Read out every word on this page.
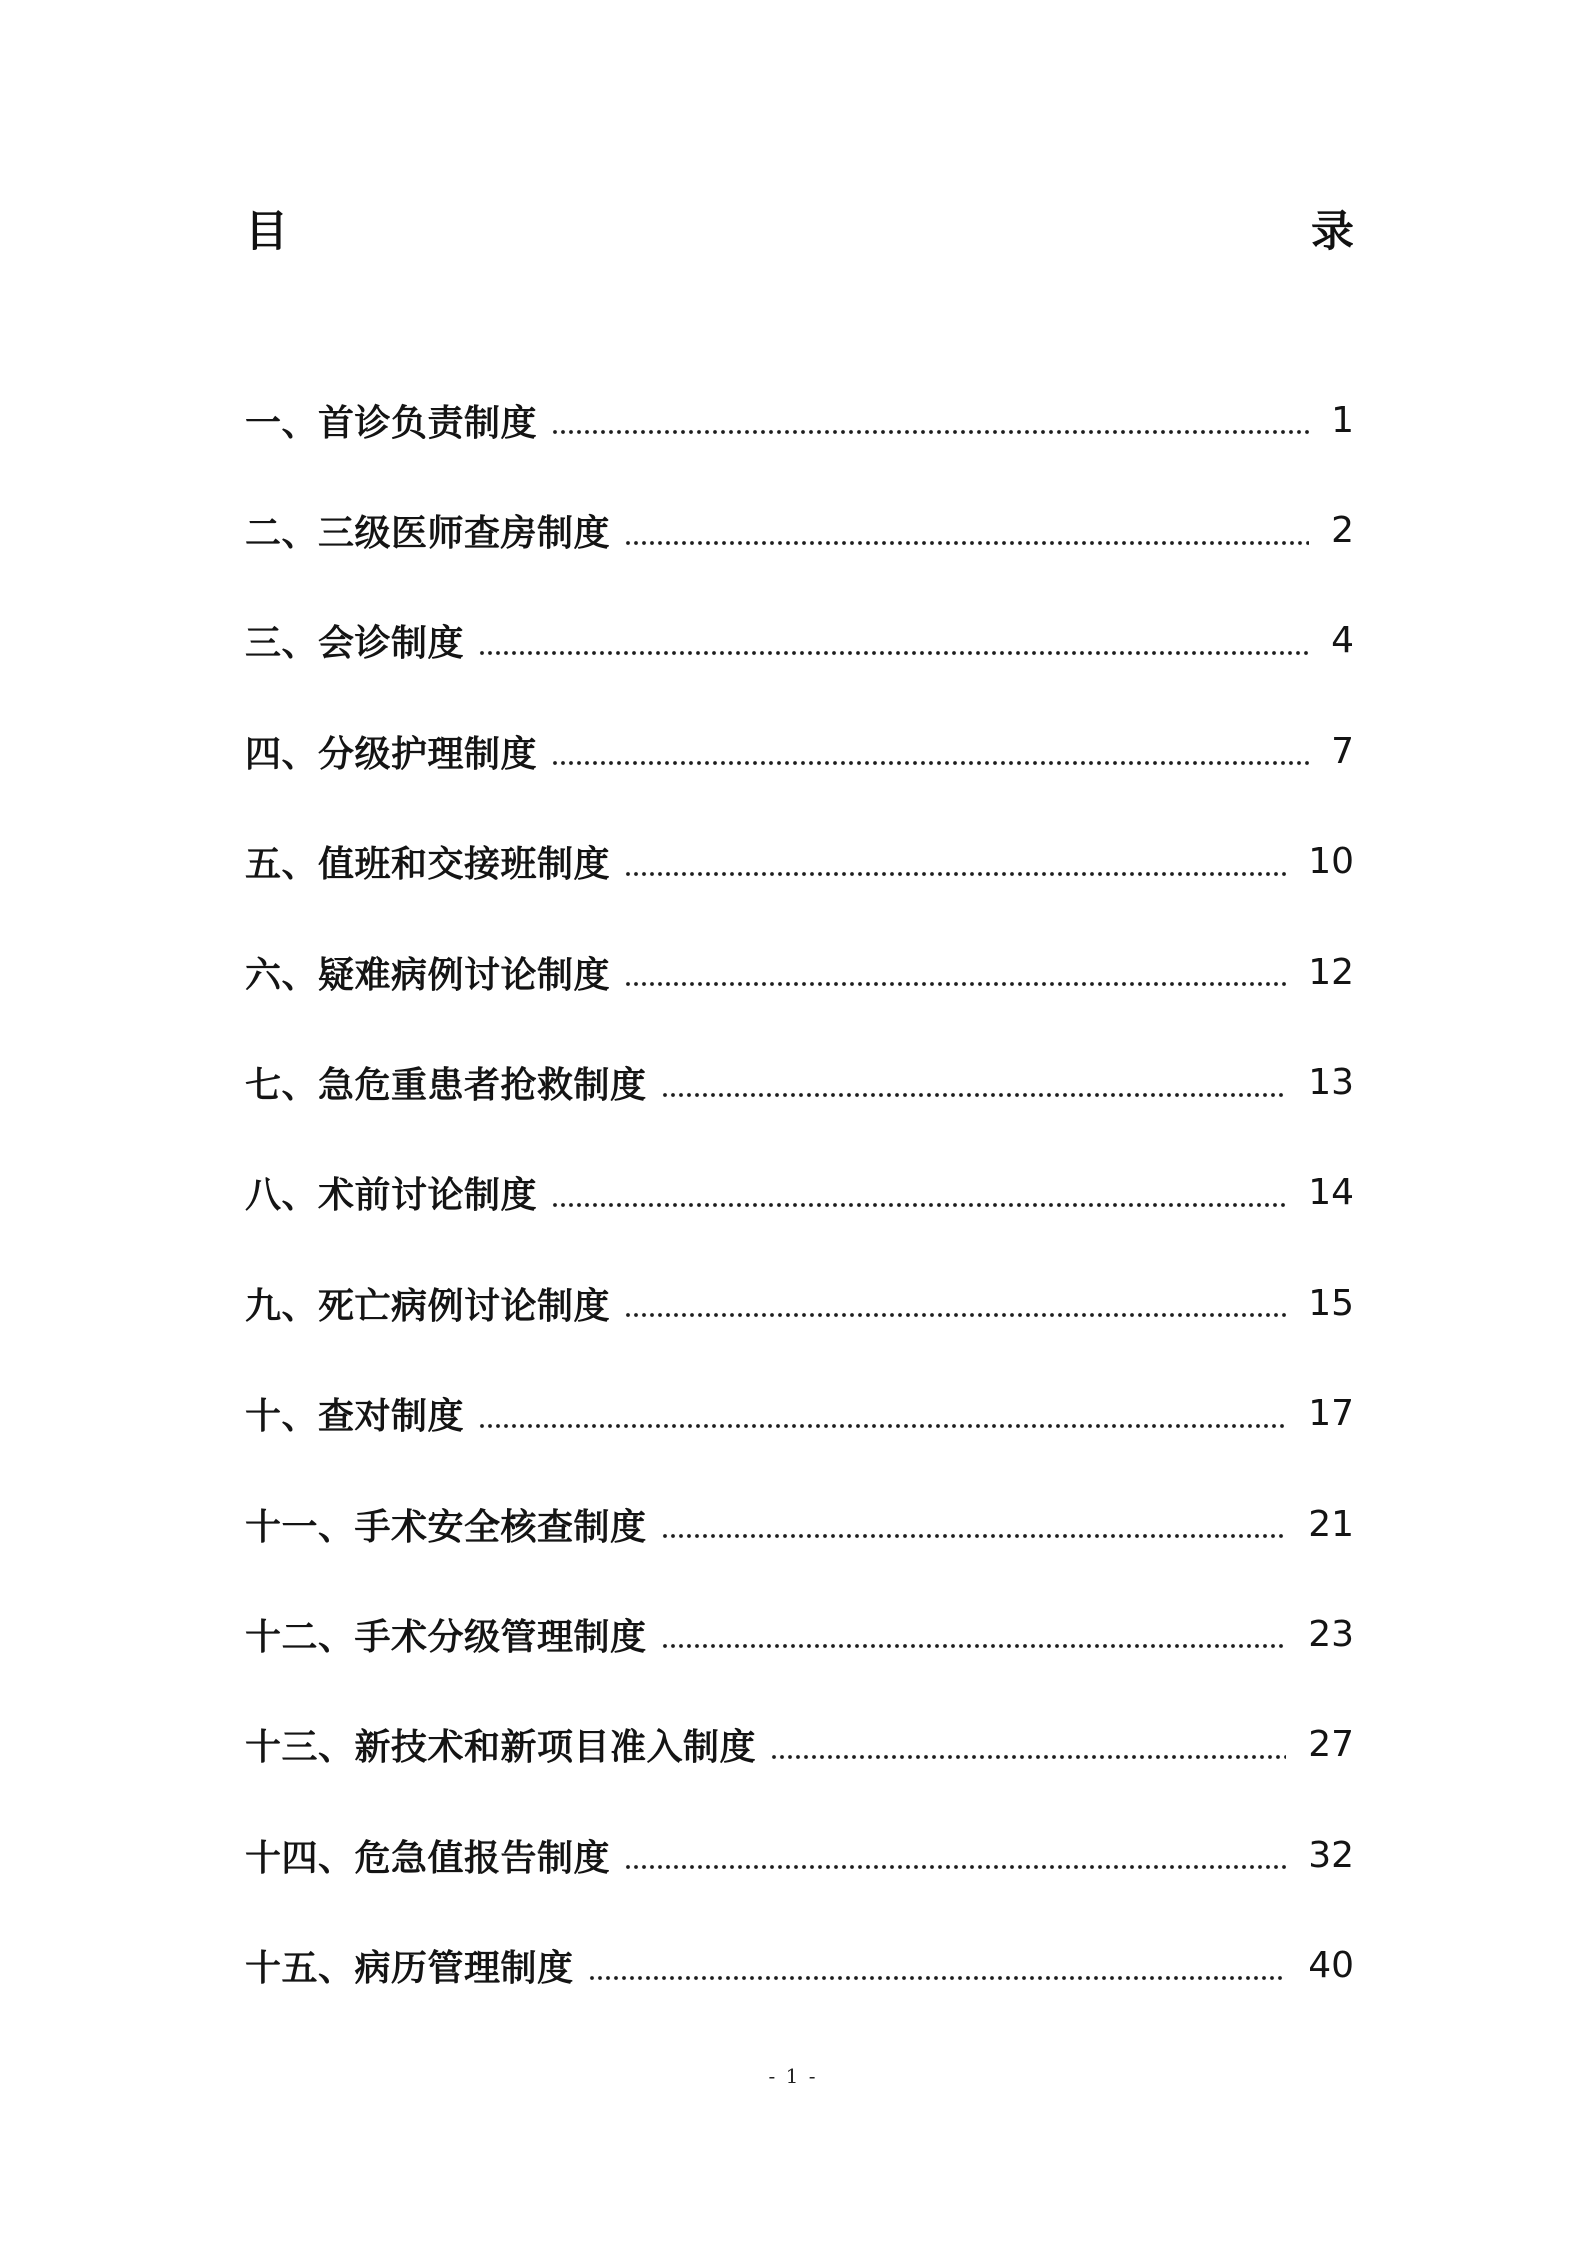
目	录
一、首诊负责制度	1
二、三级医师查房制度	2
三、会诊制度	4
四、分级护理制度	7
五、值班和交接班制度	10
六、疑难病例讨论制度	12
七、急危重患者抢救制度	13
八、术前讨论制度	14
九、死亡病例讨论制度	15
十、查对制度	17
十一、手术安全核查制度	21
十二、手术分级管理制度	23
十三、新技术和新项目准入制度	27
十四、危急值报告制度	32
十五、病历管理制度	40
- 1 -
